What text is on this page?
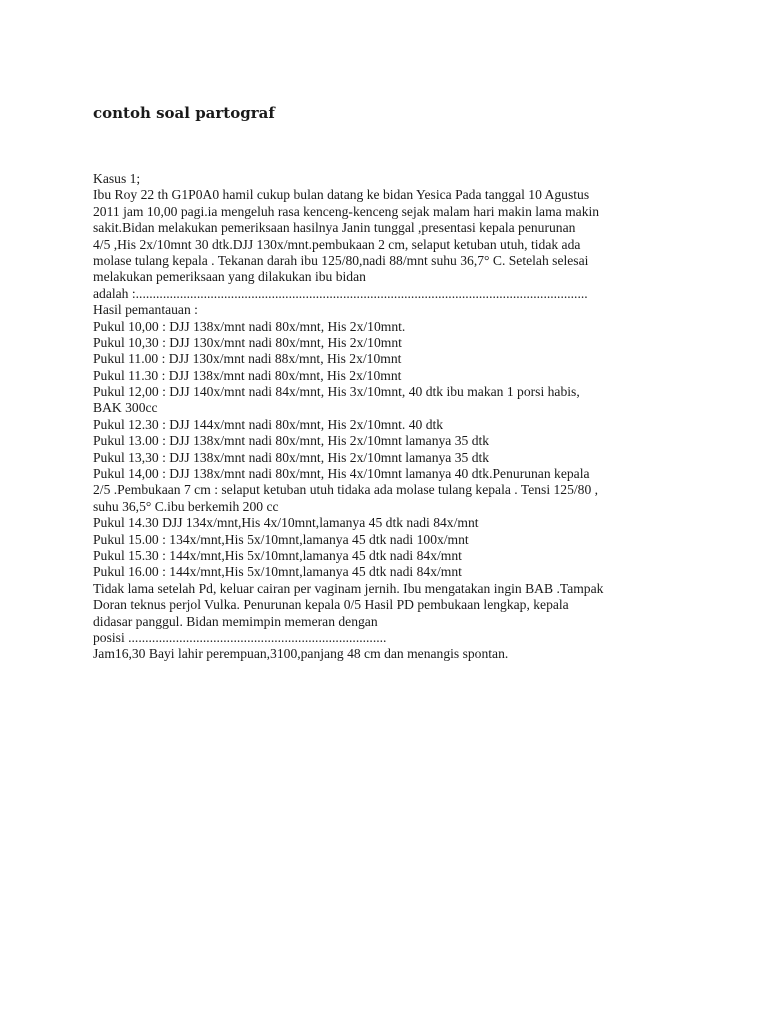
contoh soal partograf
Kasus 1;
Ibu Roy 22 th G1P0A0 hamil cukup bulan datang ke bidan Yesica Pada tanggal 10 Agustus
2011 jam 10,00 pagi.ia mengeluh rasa kenceng-kenceng sejak malam hari makin lama makin
sakit.Bidan melakukan pemeriksaan hasilnya Janin tunggal ,presentasi kepala penurunan
4/5 ,His 2x/10mnt 30 dtk.DJJ 130x/mnt.pembukaan 2 cm, selaput ketuban utuh, tidak ada
molase tulang kepala . Tekanan darah ibu 125/80,nadi 88/mnt suhu 36,7° C. Setelah selesai
melakukan pemeriksaan yang dilakukan ibu bidan
adalah :.....................................................................................................................................
Hasil pemantauan :
Pukul 10,00 : DJJ 138x/mnt nadi 80x/mnt, His 2x/10mnt.
Pukul 10,30 : DJJ 130x/mnt nadi 80x/mnt, His 2x/10mnt
Pukul 11.00 : DJJ 130x/mnt nadi 88x/mnt, His 2x/10mnt
Pukul 11.30 : DJJ 138x/mnt nadi 80x/mnt, His 2x/10mnt
Pukul 12,00 : DJJ 140x/mnt nadi 84x/mnt, His 3x/10mnt, 40 dtk ibu makan 1 porsi habis,
BAK 300cc
Pukul 12.30 : DJJ 144x/mnt nadi 80x/mnt, His 2x/10mnt. 40 dtk
Pukul 13.00 : DJJ 138x/mnt nadi 80x/mnt, His 2x/10mnt lamanya 35 dtk
Pukul 13,30 : DJJ 138x/mnt nadi 80x/mnt, His 2x/10mnt lamanya 35 dtk
Pukul 14,00 : DJJ 138x/mnt nadi 80x/mnt, His 4x/10mnt lamanya 40 dtk.Penurunan kepala
2/5 .Pembukaan 7 cm : selaput ketuban utuh tidaka ada molase tulang kepala . Tensi 125/80 ,
suhu 36,5° C.ibu berkemih 200 cc
Pukul 14.30 DJJ 134x/mnt,His 4x/10mnt,lamanya 45 dtk nadi 84x/mnt
Pukul 15.00 : 134x/mnt,His 5x/10mnt,lamanya 45 dtk nadi 100x/mnt
Pukul 15.30 : 144x/mnt,His 5x/10mnt,lamanya 45 dtk nadi 84x/mnt
Pukul 16.00 : 144x/mnt,His 5x/10mnt,lamanya 45 dtk nadi 84x/mnt
Tidak lama setelah Pd, keluar cairan per vaginam jernih. Ibu mengatakan ingin BAB .Tampak
Doran teknus perjol Vulka. Penurunan kepala 0/5 Hasil PD pembukaan lengkap, kepala
didasar panggul. Bidan memimpin memeran dengan
posisi ............................................................................
Jam16,30 Bayi lahir perempuan,3100,panjang 48 cm dan menangis spontan.
